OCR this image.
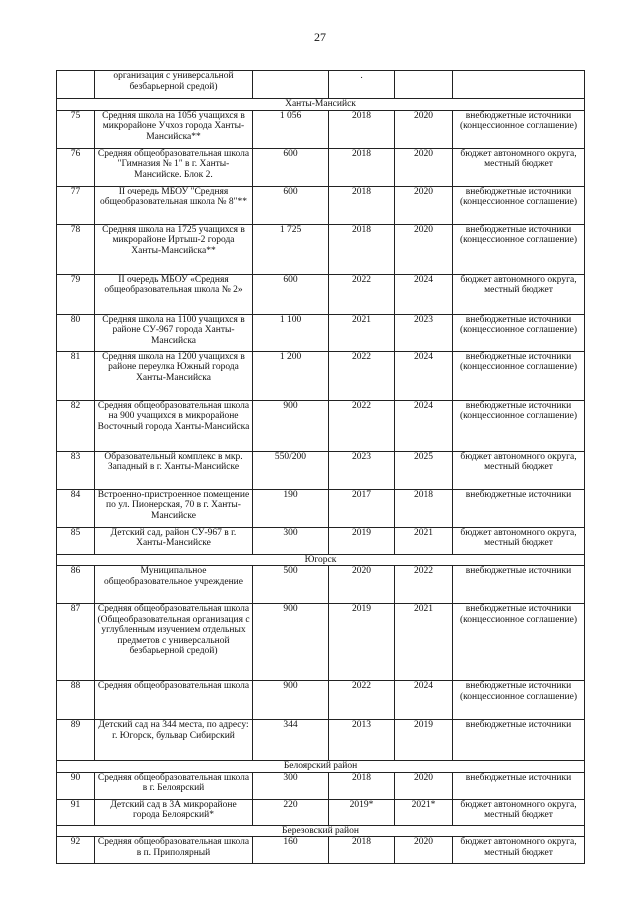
27
	организация с универсальной безбарьерной средой)		.		
Ханты-Мансийск					
75	Средняя школа на 1056 учащихся в микрорайоне Учхоз города Ханты-Мансийска**	1 056	2018	2020	внебюджетные источники (концессионное соглашение)
76	Средняя общеобразовательная школа "Гимназия № 1" в г. Ханты-Мансийске. Блок 2.	600	2018	2020	бюджет автономного округа, местный бюджет
77	II очередь МБОУ "Средняя общеобразовательная школа № 8"**	600	2018	2020	внебюджетные источники (концессионное соглашение)
78	Средняя школа на 1725 учащихся в микрорайоне Иртыш-2 города Ханты-Мансийска**	1 725	2018	2020	внебюджетные источники (концессионное соглашение)
79	II очередь МБОУ «Средняя общеобразовательная школа № 2»	600	2022	2024	бюджет автономного округа, местный бюджет
80	Средняя школа на 1100 учащихся в районе СУ-967 города Ханты-Мансийска	1 100	2021	2023	внебюджетные источники (концессионное соглашение)
81	Средняя школа на 1200 учащихся в районе переулка Южный города Ханты-Мансийска	1 200	2022	2024	внебюджетные источники (концессионное соглашение)
82	Средняя общеобразовательная школа на 900 учащихся в микрорайоне Восточный города Ханты-Мансийска	900	2022	2024	внебюджетные источники (концессионное соглашение)
83	Образовательный комплекс в мкр. Западный в г. Ханты-Мансийске	550/200	2023	2025	бюджет автономного округа, местный бюджет
84	Встроенно-пристроенное помещение по ул. Пионерская, 70 в г. Ханты-Мансийске	190	2017	2018	внебюджетные источники
85	Детский сад, район СУ-967 в г. Ханты-Мансийске	300	2019	2021	бюджет автономного округа, местный бюджет
Югорск					
86	Муниципальное общеобразовательное учреждение	500	2020	2022	внебюджетные источники
87	Средняя общеобразовательная школа (Общеобразовательная организация с углубленным изучением отдельных предметов с универсальной безбарьерной средой)	900	2019	2021	внебюджетные источники (концессионное соглашение)
88	Средняя общеобразовательная школа	900	2022	2024	внебюджетные источники (концессионное соглашение)
89	Детский сад на 344 места, по адресу: г. Югорск, бульвар Сибирский	344	2013	2019	внебюджетные источники
Белоярский район					
90	Средняя общеобразовательная школа в г. Белоярский	300	2018	2020	внебюджетные источники
91	Детский сад в 3А микрорайоне города Белоярский*	220	2019*	2021*	бюджет автономного округа, местный бюджет
Березовский район					
92	Средняя общеобразовательная школа в п. Приполярный	160	2018	2020	бюджет автономного округа, местный бюджет
